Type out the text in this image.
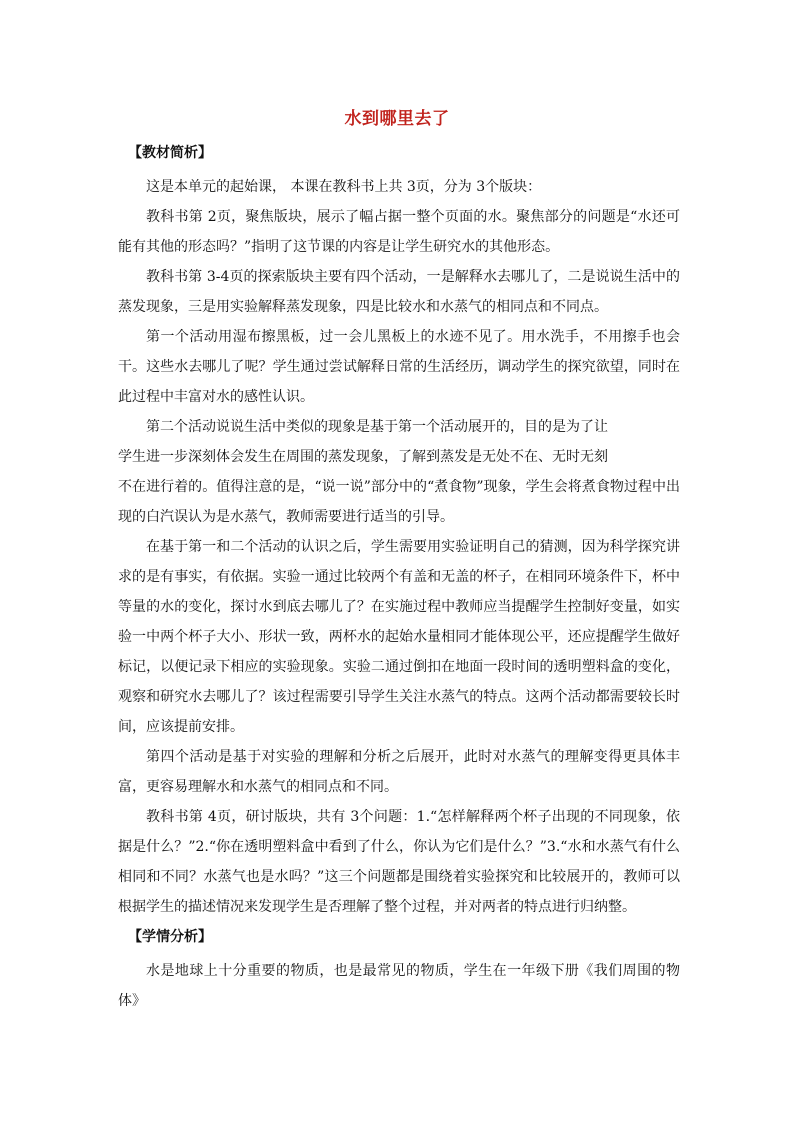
水到哪里去了
【教材简析】

这是本单元的起始课， 本课在教科书上共 3页，分为 3个版块：

教科书第 2页，聚焦版块，展示了幅占据一整个页面的水。聚焦部分的问题是“水还可能有其他的形态吗？”指明了这节课的内容是让学生研究水的其他形态。

教科书第 3-4页的探索版块主要有四个活动，一是解释水去哪儿了，二是说说生活中的蒸发现象，三是用实验解释蒸发现象，四是比较水和水蒸气的相同点和不同点。

第一个活动用湿布擦黑板，过一会儿黑板上的水迹不见了。用水洗手，不用擦手也会干。这些水去哪儿了呢？学生通过尝试解释日常的生活经历，调动学生的探究欲望，同时在此过程中丰富对水的感性认识。

第二个活动说说生活中类似的现象是基于第一个活动展开的，目的是为了让

学生进一步深刻体会发生在周围的蒸发现象，了解到蒸发是无处不在、无时无刻

不在进行着的。值得注意的是，“说一说”部分中的“煮食物”现象，学生会将煮食物过程中出现的白汽误认为是水蒸气，教师需要进行适当的引导。

在基于第一和二个活动的认识之后，学生需要用实验证明自己的猜测，因为科学探究讲求的是有事实，有依据。实验一通过比较两个有盖和无盖的杯子，在相同环境条件下，杯中等量的水的变化，探讨水到底去哪儿了？在实施过程中教师应当提醒学生控制好变量，如实验一中两个杯子大小、形状一致，两杯水的起始水量相同才能体现公平，还应提醒学生做好标记，以便记录下相应的实验现象。实验二通过倒扣在地面一段时间的透明塑料盒的变化，观察和研究水去哪儿了？该过程需要引导学生关注水蒸气的特点。这两个活动都需要较长时间，应该提前安排。

第四个活动是基于对实验的理解和分析之后展开，此时对水蒸气的理解变得更具体丰富，更容易理解水和水蒸气的相同点和不同。

教科书第 4页，研讨版块，共有 3个问题：1.“怎样解释两个杯子出现的不同现象，依据是什么？”2.“你在透明塑料盒中看到了什么，你认为它们是什么？”3.“水和水蒸气有什么相同和不同？水蒸气也是水吗？”这三个问题都是围绕着实验探究和比较展开的，教师可以根据学生的描述情况来发现学生是否理解了整个过程，并对两者的特点进行归纳整。

【学情分析】

水是地球上十分重要的物质，也是最常见的物质，学生在一年级下册《我们周围的物体》
